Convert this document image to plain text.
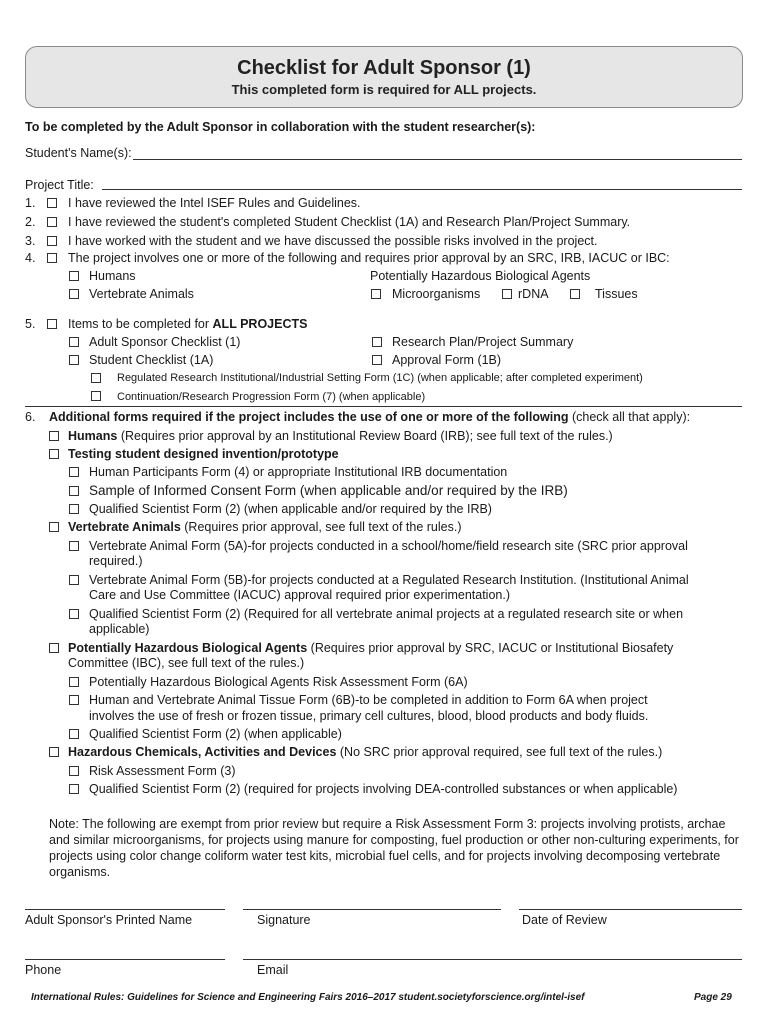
Checklist for Adult Sponsor (1)
This completed form is required for ALL projects.
To be completed by the Adult Sponsor in collaboration with the student researcher(s):
Student's Name(s):
Project Title:
1.	I have reviewed the Intel ISEF Rules and Guidelines.
2.	I have reviewed the student's completed Student Checklist (1A) and Research Plan/Project Summary.
3.	I have worked with the student and we have discussed the possible risks involved in the project.
4.	The project involves one or more of the following and requires prior approval by an SRC, IRB, IACUC or IBC:
Humans	Potentially Hazardous Biological Agents
Vertebrate Animals	Microorganisms	rDNA	Tissues
5.	Items to be completed for ALL PROJECTS
Adult Sponsor Checklist (1)	Research Plan/Project Summary
Student Checklist (1A)	Approval Form (1B)
Regulated Research Institutional/Industrial Setting Form (1C) (when applicable; after completed experiment)
Continuation/Research Progression Form (7) (when applicable)
6. Additional forms required if the project includes the use of one or more of the following (check all that apply):
Humans (Requires prior approval by an Institutional Review Board (IRB); see full text of the rules.)
Testing student designed invention/prototype
Human Participants Form (4) or appropriate Institutional IRB documentation
Sample of Informed Consent Form (when applicable and/or required by the IRB)
Qualified Scientist Form (2) (when applicable and/or required by the IRB)
Vertebrate Animals (Requires prior approval, see full text of the rules.)
Vertebrate Animal Form (5A)-for projects conducted in a school/home/field research site (SRC prior approval
required.)
Vertebrate Animal Form (5B)-for projects conducted at a Regulated Research Institution. (Institutional Animal
Care and Use Committee (IACUC) approval required prior experimentation.)
Qualified Scientist Form (2) (Required for all vertebrate animal projects at a regulated research site or when
applicable)
Potentially Hazardous Biological Agents (Requires prior approval by SRC, IACUC or Institutional Biosafety
Committee (IBC), see full text of the rules.)
Potentially Hazardous Biological Agents Risk Assessment Form (6A)
Human and Vertebrate Animal Tissue Form (6B)-to be completed in addition to Form 6A when project
involves the use of fresh or frozen tissue, primary cell cultures, blood, blood products and body fluids.
Qualified Scientist Form (2) (when applicable)
Hazardous Chemicals, Activities and Devices (No SRC prior approval required, see full text of the rules.)
Risk Assessment Form (3)
Qualified Scientist Form (2) (required for projects involving DEA-controlled substances or when applicable)
Note: The following are exempt from prior review but require a Risk Assessment Form 3: projects involving protists, archae and similar microorganisms, for projects using manure for composting, fuel production or other non-culturing experiments, for projects using color change coliform water test kits, microbial fuel cells, and for projects involving decomposing vertebrate organisms.
Adult Sponsor's Printed Name	Signature	Date of Review
Phone	Email
International Rules: Guidelines for Science and Engineering Fairs 2016–2017 student.societyforscience.org/intel-isef	Page 29
